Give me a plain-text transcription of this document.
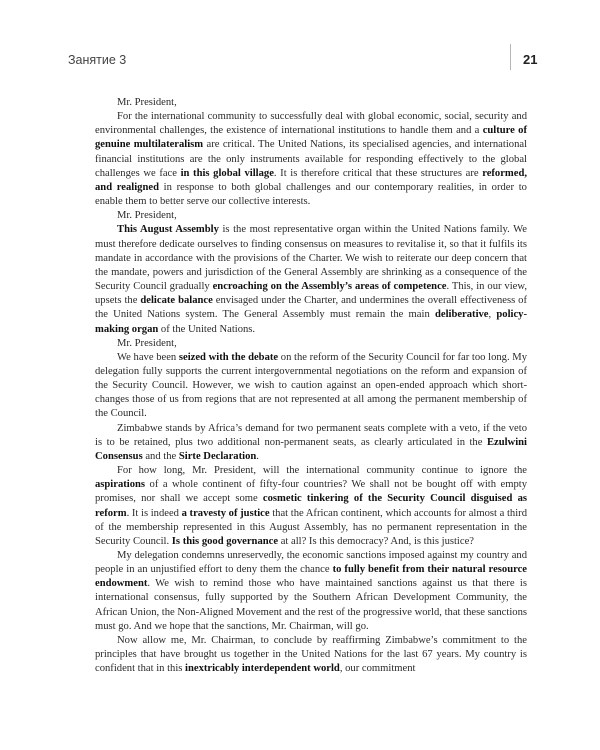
Занятие 3	21

Mr. President,

For the international community to successfully deal with global economic, social, security and environmental challenges, the existence of international institutions to handle them and a culture of genuine multilateralism are critical. The United Nations, its specialised agencies, and international financial institutions are the only instruments available for responding effectively to the global challenges we face in this global village. It is therefore critical that these structures are reformed, and realigned in response to both global challenges and our contemporary realities, in order to enable them to better serve our collective interests.

Mr. President,

This August Assembly is the most representative organ within the United Nations family. We must therefore dedicate ourselves to finding consensus on measures to revitalise it, so that it fulfils its mandate in accordance with the provisions of the Charter. We wish to reiterate our deep concern that the mandate, powers and jurisdiction of the General Assembly are shrinking as a consequence of the Security Council gradually encroaching on the Assembly’s areas of competence. This, in our view, upsets the delicate balance envisaged under the Charter, and undermines the overall effectiveness of the United Nations system. The General Assembly must remain the main deliberative, policy-making organ of the United Nations.

Mr. President,

We have been seized with the debate on the reform of the Security Council for far too long. My delegation fully supports the current intergovernmental negotiations on the reform and expansion of the Security Council. However, we wish to caution against an open-ended approach which short-changes those of us from regions that are not represented at all among the permanent membership of the Council.

Zimbabwe stands by Africa’s demand for two permanent seats complete with a veto, if the veto is to be retained, plus two additional non-permanent seats, as clearly articulated in the Ezulwini Consensus and the Sirte Declaration.

For how long, Mr. President, will the international community continue to ignore the aspirations of a whole continent of fifty-four countries? We shall not be bought off with empty promises, nor shall we accept some cosmetic tinkering of the Security Council disguised as reform. It is indeed a travesty of justice that the African continent, which accounts for almost a third of the membership represented in this August Assembly, has no permanent representation in the Security Council. Is this good governance at all? Is this democracy? And, is this justice?

My delegation condemns unreservedly, the economic sanctions imposed against my country and people in an unjustified effort to deny them the chance to fully benefit from their natural resource endowment. We wish to remind those who have maintained sanctions against us that there is international consensus, fully supported by the Southern African Development Community, the African Union, the Non-Aligned Movement and the rest of the progressive world, that these sanctions must go. And we hope that the sanctions, Mr. Chairman, will go.

Now allow me, Mr. Chairman, to conclude by reaffirming Zimbabwe’s commitment to the principles that have brought us together in the United Nations for the last 67 years. My country is confident that in this inextricably interdependent world, our commitment
